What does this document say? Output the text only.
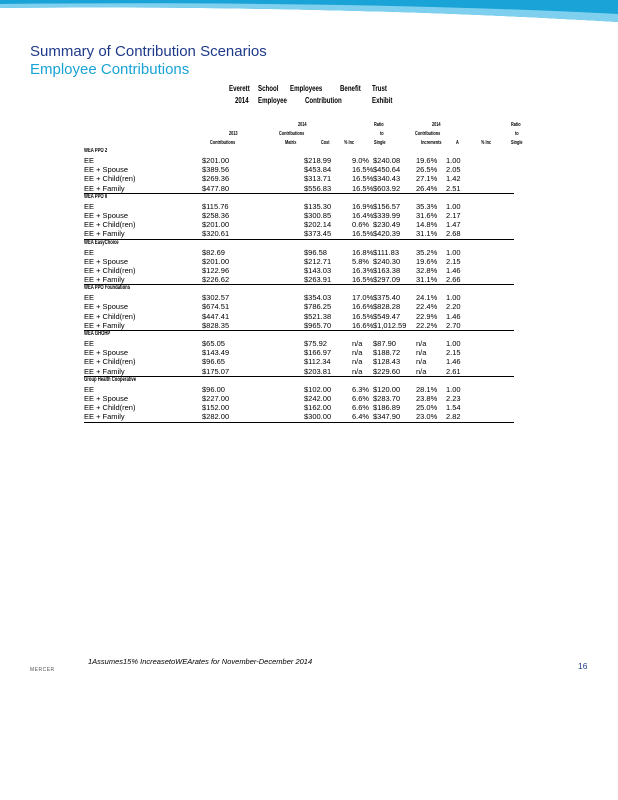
Summary of Contribution Scenarios
Employee Contributions
Everett School Employees Benefit Trust
2014 Employee Contribution	Exhibit
2014	Ratio	2014	Ratio
2013	Contributions	to	Contributions	to
Contributions	Matrix	Cost	% Inc	Single	Increments	A	% Inc	Single
WEA PPO 2
EE	$201.00	$218.99	9.0% $240.08 19.6% 1.00
EE + Spouse	$389.56	$453.84	16.5% $450.64 26.5% 2.05
EE + Child(ren)	$269.36	$313.71	16.5% $340.43 27.1% 1.42
EE + Family	$477.80	$556.83	16.5% $603.92 26.4% 2.51
WEA PPO 6
EE	$115.76	$135.30	16.9% $156.57 35.3% 1.00
EE + Spouse	$258.36	$300.85	16.4% $339.99 31.6% 2.17
EE + Child(ren)	$201.00	$202.14	0.6% $230.49 14.8% 1.47
EE + Family	$320.61	$373.45	16.5% $420.39 31.1% 2.68
WEA EasyChoice
EE	$82.69	$96.58	16.8% $111.83 35.2% 1.00
EE + Spouse	$201.00	$212.71	5.8% $240.30 19.6% 2.15
EE + Child(ren)	$122.96	$143.03	16.3% $163.38 32.8% 1.46
EE + Family	$226.62	$263.91	16.5% $297.09 31.1% 2.66
WEA PPO Foundations
EE	$302.57	$354.03	17.0% $375.40 24.1% 1.00
EE + Spouse	$674.51	$786.25	16.6% $828.28 22.4% 2.20
EE + Child(ren)	$447.41	$521.38	16.5% $549.47 22.9% 1.46
EE + Family	$828.35	$965.70	16.6% $1,012.59 22.2% 2.70
WEA GHOHP
EE	$65.05	$75.92	n/a $87.90	n/a	1.00
EE + Spouse	$143.49	$166.97	n/a $188.72 n/a	2.15
EE + Child(ren)	$96.65	$112.34	n/a $128.43 n/a	1.46
EE + Family	$175.07	$203.81	n/a $229.60 n/a	2.61
Group Health Cooperative
EE	$96.00	$102.00	6.3% $120.00 28.1% 1.00
EE + Spouse	$227.00	$242.00	6.6% $283.70 23.8% 2.23
EE + Child(ren)	$152.00	$162.00	6.6% $186.89 25.0% 1.54
EE + Family	$282.00	$300.00	6.4% $347.90 23.0% 2.82
MERCER
1Assumes15% IncreasetoWEArates for November-December 2014	16
